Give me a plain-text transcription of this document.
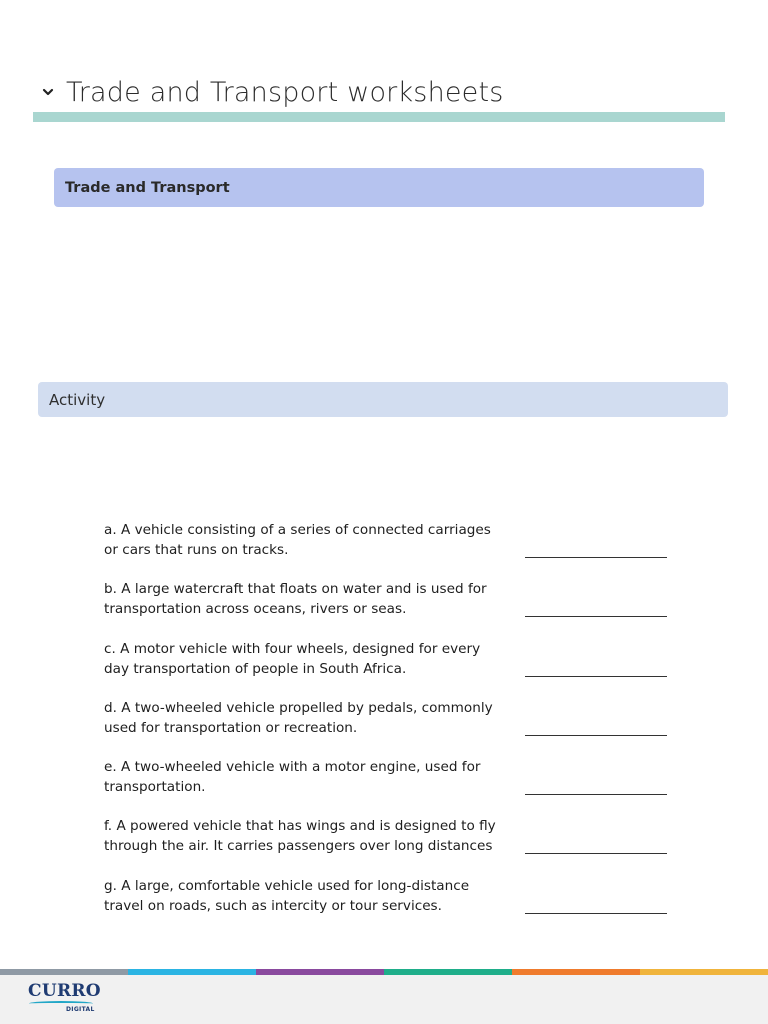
Trade and Transport worksheets
Trade and Transport
Activity
a. A vehicle consisting of a series of connected carriages
or cars that runs on tracks.
b. A large watercraft that floats on water and is used for
transportation across oceans, rivers or seas.
c. A motor vehicle with four wheels, designed for every
day transportation of people in South Africa.
d. A two-wheeled vehicle propelled by pedals, commonly
used for transportation or recreation.
e. A two-wheeled vehicle with a motor engine, used for
transportation.
f. A powered vehicle that has wings and is designed to fly
through the air. It carries passengers over long distances
g. A large, comfortable vehicle used for long-distance
travel on roads, such as intercity or tour services.
CURRO
DIGITAL
